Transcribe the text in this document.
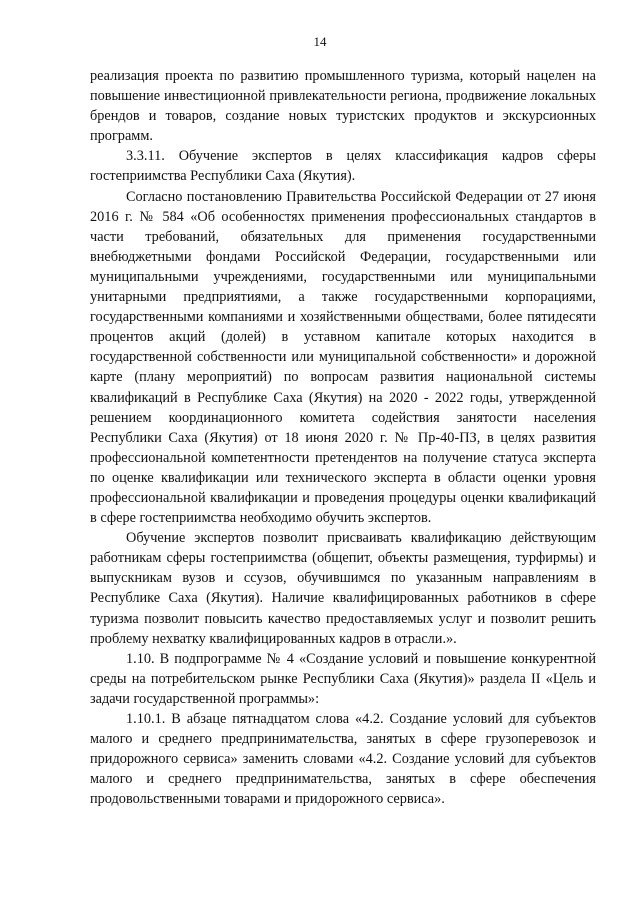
14

реализация проекта по развитию промышленного туризма, который нацелен на повышение инвестиционной привлекательности региона, продвижение локальных брендов и товаров, создание новых туристских продуктов и экскурсионных программ.

3.3.11. Обучение экспертов в целях классификация кадров сферы гостеприимства Республики Саха (Якутия).

Согласно постановлению Правительства Российской Федерации от 27 июня 2016 г. № 584 «Об особенностях применения профессиональных стандартов в части требований, обязательных для применения государственными внебюджетными фондами Российской Федерации, государственными или муниципальными учреждениями, государственными или муниципальными унитарными предприятиями, а также государственными корпорациями, государственными компаниями и хозяйственными обществами, более пятидесяти процентов акций (долей) в уставном капитале которых находится в государственной собственности или муниципальной собственности» и дорожной карте (плану мероприятий) по вопросам развития национальной системы квалификаций в Республике Саха (Якутия) на 2020 - 2022 годы, утвержденной решением координационного комитета содействия занятости населения Республики Саха (Якутия) от 18 июня 2020 г. № Пр-40-ПЗ, в целях развития профессиональной компетентности претендентов на получение статуса эксперта по оценке квалификации или технического эксперта в области оценки уровня профессиональной квалификации и проведения процедуры оценки квалификаций в сфере гостеприимства необходимо обучить экспертов.

Обучение экспертов позволит присваивать квалификацию действующим работникам сферы гостеприимства (общепит, объекты размещения, турфирмы) и выпускникам вузов и ссузов, обучившимся по указанным направлениям в Республике Саха (Якутия). Наличие квалифицированных работников в сфере туризма позволит повысить качество предоставляемых услуг и позволит решить проблему нехватку квалифицированных кадров в отрасли.».

1.10. В подпрограмме № 4 «Создание условий и повышение конкурентной среды на потребительском рынке Республики Саха (Якутия)» раздела II «Цель и задачи государственной программы»:

1.10.1. В абзаце пятнадцатом слова «4.2. Создание условий для субъектов малого и среднего предпринимательства, занятых в сфере грузоперевозок и придорожного сервиса» заменить словами «4.2. Создание условий для субъектов малого и среднего предпринимательства, занятых в сфере обеспечения продовольственными товарами и придорожного сервиса».
